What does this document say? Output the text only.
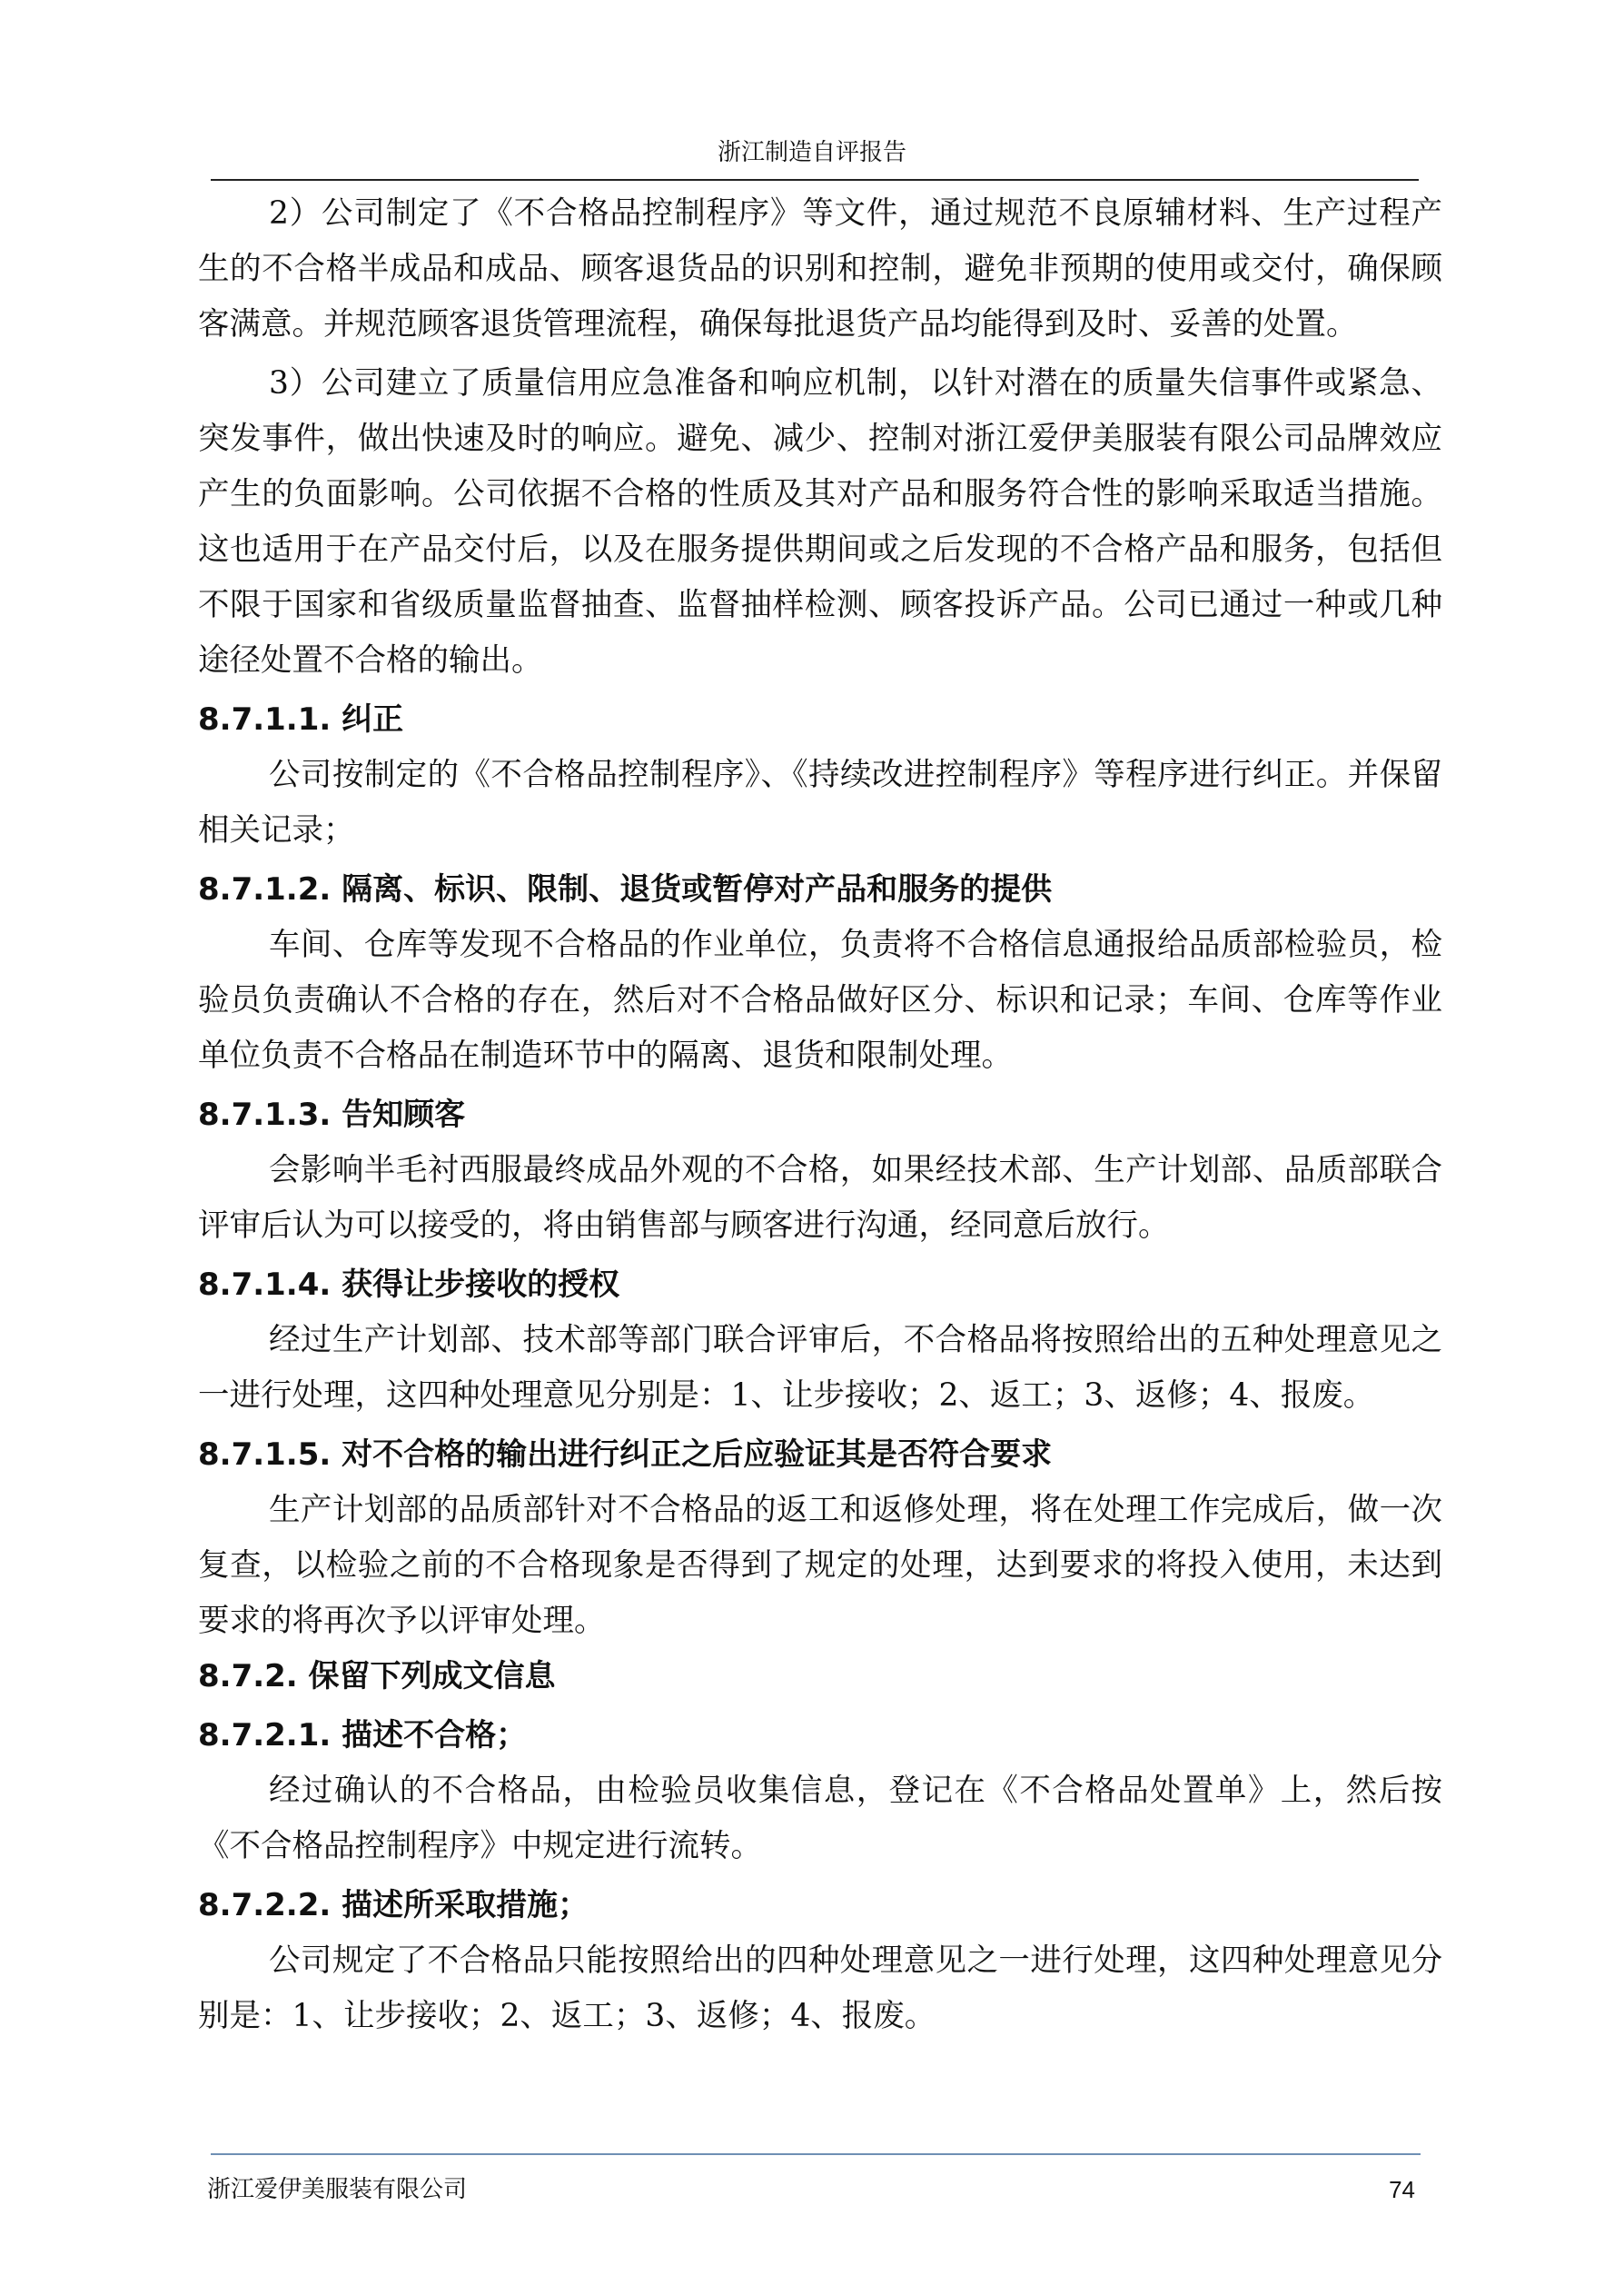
浙江制造自评报告

2）公司制定了《不合格品控制程序》等文件，通过规范不良原辅材料、生产过程产生的不合格半成品和成品、顾客退货品的识别和控制，避免非预期的使用或交付，确保顾客满意。并规范顾客退货管理流程，确保每批退货产品均能得到及时、妥善的处置。

3）公司建立了质量信用应急准备和响应机制，以针对潜在的质量失信事件或紧急、突发事件，做出快速及时的响应。避免、减少、控制对浙江爱伊美服装有限公司品牌效应产生的负面影响。公司依据不合格的性质及其对产品和服务符合性的影响采取适当措施。这也适用于在产品交付后，以及在服务提供期间或之后发现的不合格产品和服务，包括但不限于国家和省级质量监督抽查、监督抽样检测、顾客投诉产品。公司已通过一种或几种途径处置不合格的输出。

8.7.1.1. 纠正

公司按制定的《不合格品控制程序》、《持续改进控制程序》等程序进行纠正。并保留相关记录；

8.7.1.2. 隔离、标识、限制、退货或暂停对产品和服务的提供

车间、仓库等发现不合格品的作业单位，负责将不合格信息通报给品质部检验员，检验员负责确认不合格的存在，然后对不合格品做好区分、标识和记录；车间、仓库等作业单位负责不合格品在制造环节中的隔离、退货和限制处理。

8.7.1.3. 告知顾客

会影响半毛衬西服最终成品外观的不合格，如果经技术部、生产计划部、品质部联合评审后认为可以接受的，将由销售部与顾客进行沟通，经同意后放行。

8.7.1.4. 获得让步接收的授权

经过生产计划部、技术部等部门联合评审后，不合格品将按照给出的五种处理意见之一进行处理，这四种处理意见分别是：1、让步接收；2、返工；3、返修；4、报废。

8.7.1.5. 对不合格的输出进行纠正之后应验证其是否符合要求

生产计划部的品质部针对不合格品的返工和返修处理，将在处理工作完成后，做一次复查，以检验之前的不合格现象是否得到了规定的处理，达到要求的将投入使用，未达到要求的将再次予以评审处理。

8.7.2. 保留下列成文信息
8.7.2.1. 描述不合格；

经过确认的不合格品，由检验员收集信息，登记在《不合格品处置单》上，然后按《不合格品控制程序》中规定进行流转。

8.7.2.2. 描述所采取措施；

公司规定了不合格品只能按照给出的四种处理意见之一进行处理，这四种处理意见分别是：1、让步接收；2、返工；3、返修；4、报废。

浙江爱伊美服装有限公司	74
